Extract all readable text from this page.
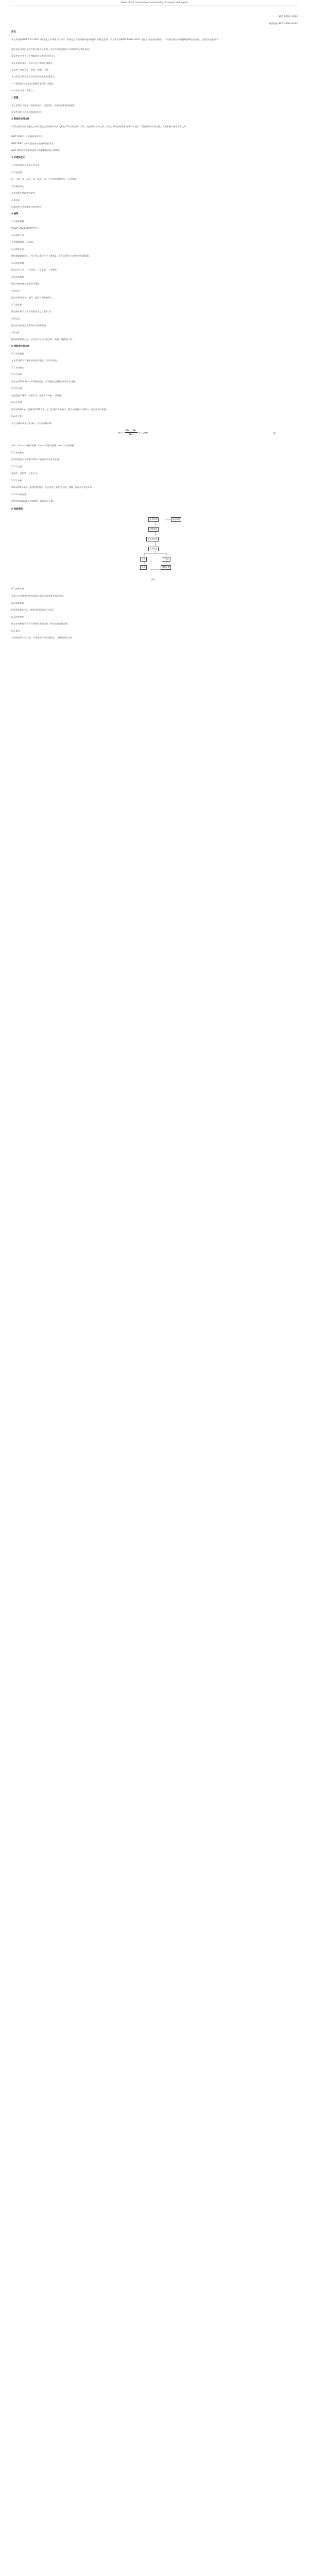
Rules of the inspection of commodity for import and export
SN/T XXXX—2023
检验规程 SN/T 4469—XXXX

前言

本文件按照GB/T 1.1—2020《标准化工作导则 第1部分：标准化文件的结构和起草规则》的规定起草。本文件代替SN/T 4469—2016《进出口商品检验规程》，与其相比除结构调整和编辑性改动外，主要技术变化如下：

请注意本文件的某些内容可能涉及专利。本文件的发布机构不承担识别专利的责任。

本文件由中华人民共和国海关总署提出并归口。

本文件起草单位：中华人民共和国上海海关。

本文件主要起草人：张伟、李明、王强。

本文件及其所代替文件的历次版本发布情况为：

——2016年首次发布为SN/T 4469—2016；

——本次为第一次修订。

1 范围

本文件规定了进出口商品的抽样、检验项目、检验方法和检验规则。

本文件适用于进出口商品的检验。

2 规范性引用文件

下列文件中的内容通过文中的规范性引用而构成本文件必不可少的条款。其中，注日期的引用文件，仅该日期对应的版本适用于本文件；不注日期的引用文件，其最新版本适用于本文件。

GB/T 2828.1 计数抽样检验程序

GB/T 6682 分析实验室用水规格和试验方法

GB/T 8170 数值修约规则与极限数值的表示和判定

3 术语和定义

下列术语和定义适用于本文件。

3.1 检验批

同一合同、同一品名、同一规格、同一生产批次的商品为一个检验批。

3.2 抽样单元

从检验批中抽取的包装件。

3.3 样品

由抽样单元中抽取的代表性物料。

4 抽样

4.1 抽样数量

按GB/T 2828.1的规定执行。

4.2 抽样工具

不锈钢取样器、样品袋。

4.3 抽样方法

随机抽取抽样单元，每个单元取样不少于500 g，混合后按四分法缩分至所需数量。

4.4 样品处理

样品分为三份：一份检验、一份复验、一份备查。

4.5 样品保存

样品应密封保存于阴凉干燥处。

4.6 标识

样品应标明品名、批号、抽样日期和抽样人。

4.7 保存期

样品保存期为自出具检验证书之日起6个月。

4.8 运送

样品应在运送过程中防止污染和变质。

4.9 文件

随样品附抽样记录，记录内容包括样品名称、数量、抽样地点等。

5 检验项目及方法

5.1 外观检验

在自然光线下目测检验样品的颜色、性状和杂质。

5.2 水分测定

5.2.1 原理

试样在(105±2) ℃下干燥至恒重，以干燥前后质量差计算水分含量。

5.2.2 仪器

电热恒温干燥箱、分析天平（感量0.1 mg）、干燥器。

5.2.3 步骤

称取试样约2 g（精确至0.000 1 g）于已恒重的称量瓶中，置于干燥箱中干燥2 h，取出冷却后称量。

5.2.4 计算

水分含量以质量分数 w计，按公式(1)计算：

式中：m₁——干燥前质量；m₂——干燥后质量；m₀——试样质量。

5.3 灰分测定

试样经炭化后于(550±25) ℃高温炉中灰化至恒重。

5.3.1 仪器

高温炉、瓷坩埚、分析天平。

5.3.2 步骤

称取试样约3 g于已恒重的坩埚中，先在电炉上炭化至无烟，再置于高温炉中灰化4 h。

5.3.3 结果表述

测定结果按GB/T 8170修约，保留两位小数。

6 检验流程

6.1 检验申请

申请人应在规定时限内向海关提交检验申请及相关单证。

6.2 抽样检验

按第4章抽取样品，按第5章进行各项目检验。

6.3 结果判定

样品各项指标均符合合同或标准规定的，判定该检验批合格。

6.4 复验

对检验结果有异议的，可用备查样品申请复验，以复验结果为准。

$w = \frac{\text{m₁ − m₂}}{\text{m₀}} \times 100\%$	(1)
检验申请	单证审核
现场抽样
实验室检测
结果判定
合格	不合格
出证	通知处置
图1
